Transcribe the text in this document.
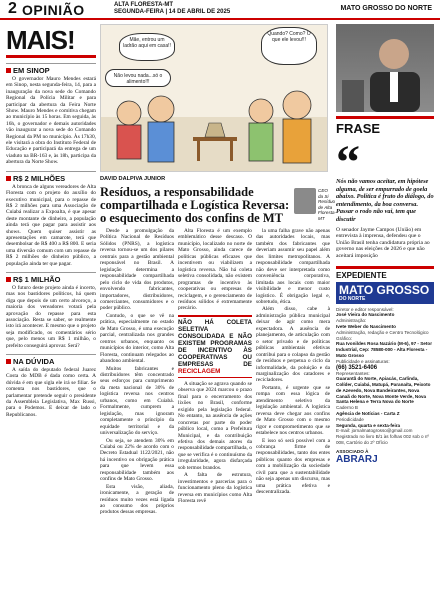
2 OPINIÃO	ALTA FLORESTA-MT
SEGUNDA-FEIRA | 14 DE ABRIL DE 2025	MATO GROSSO DO NORTE
MAIS!
EM SINOP

O governador Mauro Mendes estará em Sinop, nesta segunda-feira, 14, para a inauguração da nova sede do Comando Regional da Polícia Militar e para participar da abertura da Feira Norte Show. Mauro Mendes e comitiva chegam ao município às 15 horas. Em seguida, às 16h, o governador e demais autoridades vão inaugurar a nova sede do Comando Regional da PM no município. Às 17h30, ele visitará a obra do Instituto Federal de Educação e participará da entrega de um viaduto na BR-163 e, às 18h, participa da abertura da Norte Show.

R$ 2 MILHÕES

A bronca de alguns vereadores de Alta Floresta com o projeto do auxílio do executivo municipal, para o repasse de R$ 2 milhões para uma Associação de Cuiabá realizar a Expoalta, é que apesar deste montante de dinheiro, a população ainda terá que pagar para assistir aos shows. Quem quiser assistir as apresentações em camarote, terá que desembolsar de R$ 400 a R$ 800. E seria uma diversão comum com um repasse de R$ 2 milhões de dinheiro público, a população ainda ter que pagar.

R$ 1 MILHÃO

O futuro deste projeto ainda é incerto, mas nos bastidores políticos, há quem diga que depois de um certo alvoroço, a maioria dos vereadores votará pela aprovação do repasse para esta associação. Resta se saber, se realmente isto irá acontecer. E mesmo que o projeto seja modificado, os comentários sério que, pelo menos um R$ 1 milhão, o prefeito conseguirá aprovar. Será?

NA DÚVIDA

A saída do deputado federal Juarez Costa do MDB é dada como certa. A dúvida é em que sigla ele irá se filiar. Se comenta nos bastidores, que o parlamentar pretende seguir o presidente da Assembleia Legislativa, Max Russi, para o Podemos. E deixar de lado o Republicanos.

Mãe, entrou um ladrão aqui em casa!!
Quando? Como? O que ele levou!!!
Não levou nada...só o alimento!!!
DAVID DALPIVA JUNIOR
Resíduos, a responsabilidade compartilhada e Logística Reversa: o esquecimento dos confins de MT
CEO da Si Resíduo de Alta Floresta-MT

Desde a promulgação da Política Nacional de Resíduos Sólidos (PNRS), a logística reversa tornou-se um dos pilares centrais para a gestão ambiental responsável no Brasil. A legislação determina a responsabilidade compartilhada pelo ciclo de vida dos produtos, envolvendo fabricantes, importadores, distribuidores, comerciantes, consumidores e o poder público.

Contudo, o que se vê na prática, especialmente no estado de Mato Grosso, é uma execução parcial, centralizada nos grandes centros urbanos, enquanto os municípios do interior, como Alta Floresta, continuam relegados ao abandono ambiental.

Muitos fabricantes e distribuidores têm concentrado seus esforços para cumprimento da meta nacional de 30% de logística reversa nos centros urbanos, como em Cuiabá. Formalmente, cumprem a legislação, mas ignoram completamente o princípio da equidade territorial e da universalização do serviço.

Ou seja, se atendem 30% em Cuiabá ou 22% de acordo com o Decreto Estadual 1122/2021, não há incentivo ou obrigação prática para que levem essa responsabilidade também aos confins de Mato Grosso.

Esta visão, aliada, ironicamente, a geração de resíduos muito vezes está ligada ao consumo dos próprios produtos dessas empresas.

Alta Floresta é um exemplo emblemático desse descaso. O município, localizado no norte de Mato Grosso, ainda carece de políticas públicas eficazes que incentivem ou viabilizem a logística reversa. Não há coleta seletiva consolidada, não existem programas de incentivo às cooperativas ou empresas de reciclagem, e o gerenciamento de resíduos sólidos é extremamente precário.

NÃO HÁ COLETA SELETIVA CONSOLIDADA E NÃO EXISTEM PROGRAMAS DE INCENTIVO ÀS COOPERATIVAS OU EMPRESAS DE RECICLAGEM

A situação se agrava quando se observa que 2024 marcou o prazo final para o encerramento dos lixões no Brasil, conforme exigido pela legislação federal. No entanto, na ausência de ações concretas por parte do poder público local, como a Prefeitura Municipal, e da contribuição efetiva dos demais atores da responsabilidade compartilhada, o que se verifica é o continuísmo da irregularidade, agora disfarçada sob termos brandos.

A falta de estrutura, investimentos e parcerias para o funcionamento pleno da logística reversa em municípios como Alta Floresta revê

la uma falha grave não apenas das autoridades locais, mas também dos fabricantes que deveriam assumir seu papel além dos limites metropolitanos. A responsabilidade compartilhada não deve ser interpretada como conveniência corporativa, limitada aos locais com maior visibilidade e menor custo logístico. É obrigação legal e, sobretudo, ética.

Além disso, cabe à administração pública municipal deixar de agir como mera expectadora. A ausência de planejamento, de articulação com o setor privado e de políticas públicas ambientais efetivas contribui para o colapso da gestão de resíduos e perpetua o ciclo da informalidade, da poluição e da marginalização dos catadores e recicladores.

Portanto, é urgente que se rompa com essa lógica de atendimento seletivo da legislação ambiental. A logística reversa deve chegar aos confins de Mato Grosso com o mesmo rigor e comprometimento que se estabelece nos centros urbanos.

E isso só será possível com a cobrança firme de responsabilidades, tanto dos entes públicos quanto dos empresas e com a mobilização da sociedade civil para que a sustentabilidade não seja apenas um discurso, mas uma prática efetiva e descentralizada.

FRASE
“

Nós não vamos aceitar, em hipótese alguma, de ser empurrado de goela abaixo. Política é fruto do diálogo, do entendimento, da boa conversa. Passar o rodo não vai, tem que discutir

O senador Jayme Campos (União) em entrevista à imprensa, defendeu que o União Brasil tenha candidatura própria ao governo nas eleições de 2026 e que não aceitará imposição

EXPEDIENTE
MATO GROSSO
DO NORTE
Diretor e editor responsável:
José Vieira do Nascimento
Administração:
Ivete Weber do Nascimento
Administração, redação e Centro Tecnológico Gráfico:
Rua Ivonildes Rosa Nazário (M-6), 97 - Setor Industrial, Cep: 78580-000 - Alta Floresta - Mato Grosso
Publicidade e assinaturas:
(66) 3521-6406
Representantes:
Guarantã do Norte, Apiacás, Carlinda, Colíder, Cuiabá, Matupá, Paranaíta, Peixoto de Azevedo, Nova Bandeirantes, Nova Canaã do Norte, Nova Monte Verde, Nova Santa Helena e Terra Nova do Norte
Caderno B
Agência de Notícias - Carta Z
Periodicidade
Segunda, quarta e sexta-feira
E-mail: jornalmatogrosso@gmail.com
Registrado no livro B/1 às folhas 002 sob o nº 008, Cartório do 2º Ofício
ASSOCIADO À
ABRARJ
